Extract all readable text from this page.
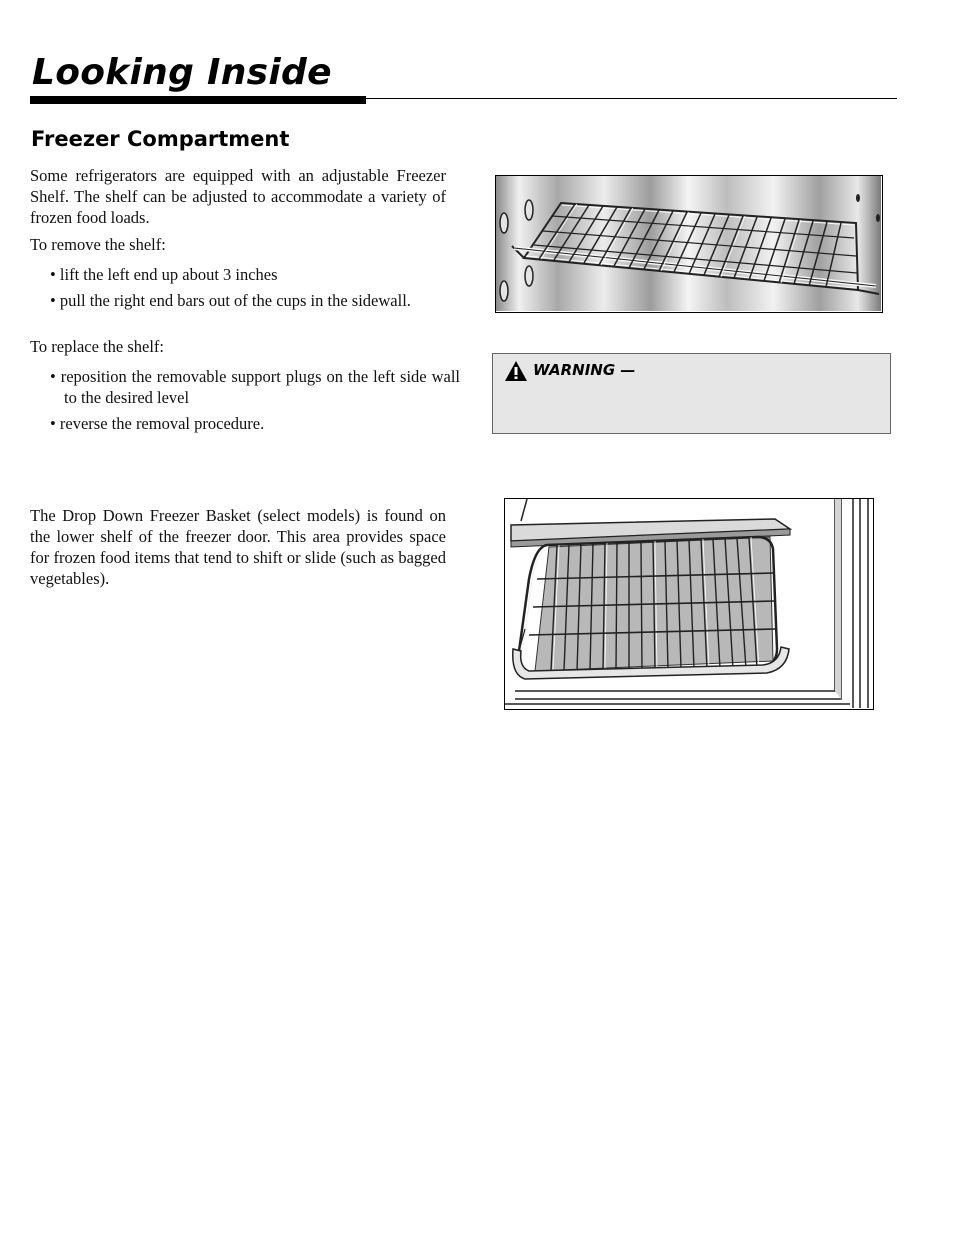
Looking Inside
Freezer Compartment

Some refrigerators are equipped with an adjustable Freezer Shelf. The shelf can be adjusted to accommodate a variety of frozen food loads.

To remove the shelf:

• lift the left end up about 3 inches

• pull the right end bars out of the cups in the sidewall.

To replace the shelf:

• reposition the removable support plugs on the left side wall to the desired level

• reverse the removal procedure.

The Drop Down Freezer Basket (select models) is found on the lower shelf of the freezer door. This area provides space for frozen food items that tend to shift or slide (such as bagged vegetables).

WARNING —
